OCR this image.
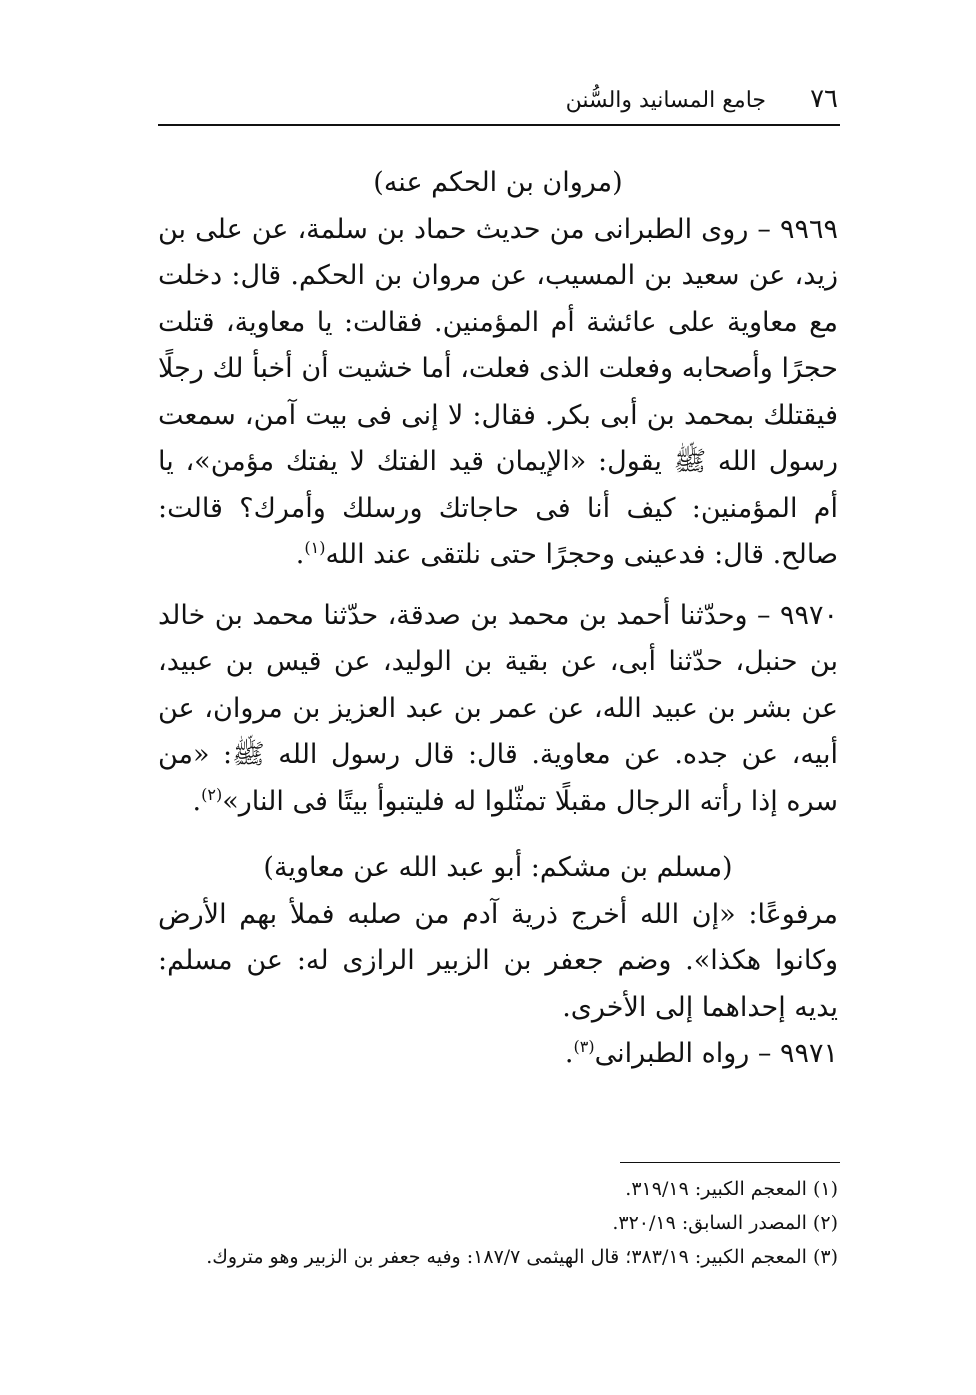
٧٦
جامع المسانيد والسُّنن

(مروان بن الحكم عنه)

٩٩٦٩ – روى الطبرانى من حديث حماد بن سلمة، عن على بن زيد، عن سعيد بن المسيب، عن مروان بن الحكم. قال: دخلت مع معاوية على عائشة أم المؤمنين. فقالت: يا معاوية، قتلت حجرًا وأصحابه وفعلت الذى فعلت، أما خشيت أن أخبأ لك رجلًا فيقتلك بمحمد بن أبى بكر. فقال: لا إنى فى بيت آمن، سمعت رسول الله ﷺ يقول: «الإيمان قيد الفتك لا يفتك مؤمن»، يا أم المؤمنين: كيف أنا فى حاجاتك ورسلك وأمرك؟ قالت: صالح. قال: فدعينى وحجرًا حتى نلتقى عند الله$^{(١)}$.

٩٩٧٠ – وحدّثنا أحمد بن محمد بن صدقة، حدّثنا محمد بن خالد بن حنبل، حدّثنا أبى، عن بقية بن الوليد، عن قيس بن عبيد، عن بشر بن عبيد الله، عن عمر بن عبد العزيز بن مروان، عن أبيه، عن جده. عن معاوية. قال: قال رسول الله ﷺ: «من سره إذا رأته الرجال مقبلًا تمثّلوا له فليتبوأ بيتًا فى النار»$^{(٢)}$.

(مسلم بن مشكم: أبو عبد الله عن معاوية)

مرفوعًا: «إن الله أخرج ذرية آدم من صلبه فملأ بهم الأرض وكانوا هكذا». وضم جعفر بن الزبير الرازى له: عن مسلم: يديه إحداهما إلى الأخرى.

٩٩٧١ – رواه الطبرانى$^{(٣)}$.

(١) المعجم الكبير: ٣١٩/١٩.

(٢) المصدر السابق: ٣٢٠/١٩.

(٣) المعجم الكبير: ٣٨٣/١٩؛ قال الهيثمى ١٨٧/٧: وفيه جعفر بن الزبير وهو متروك.
